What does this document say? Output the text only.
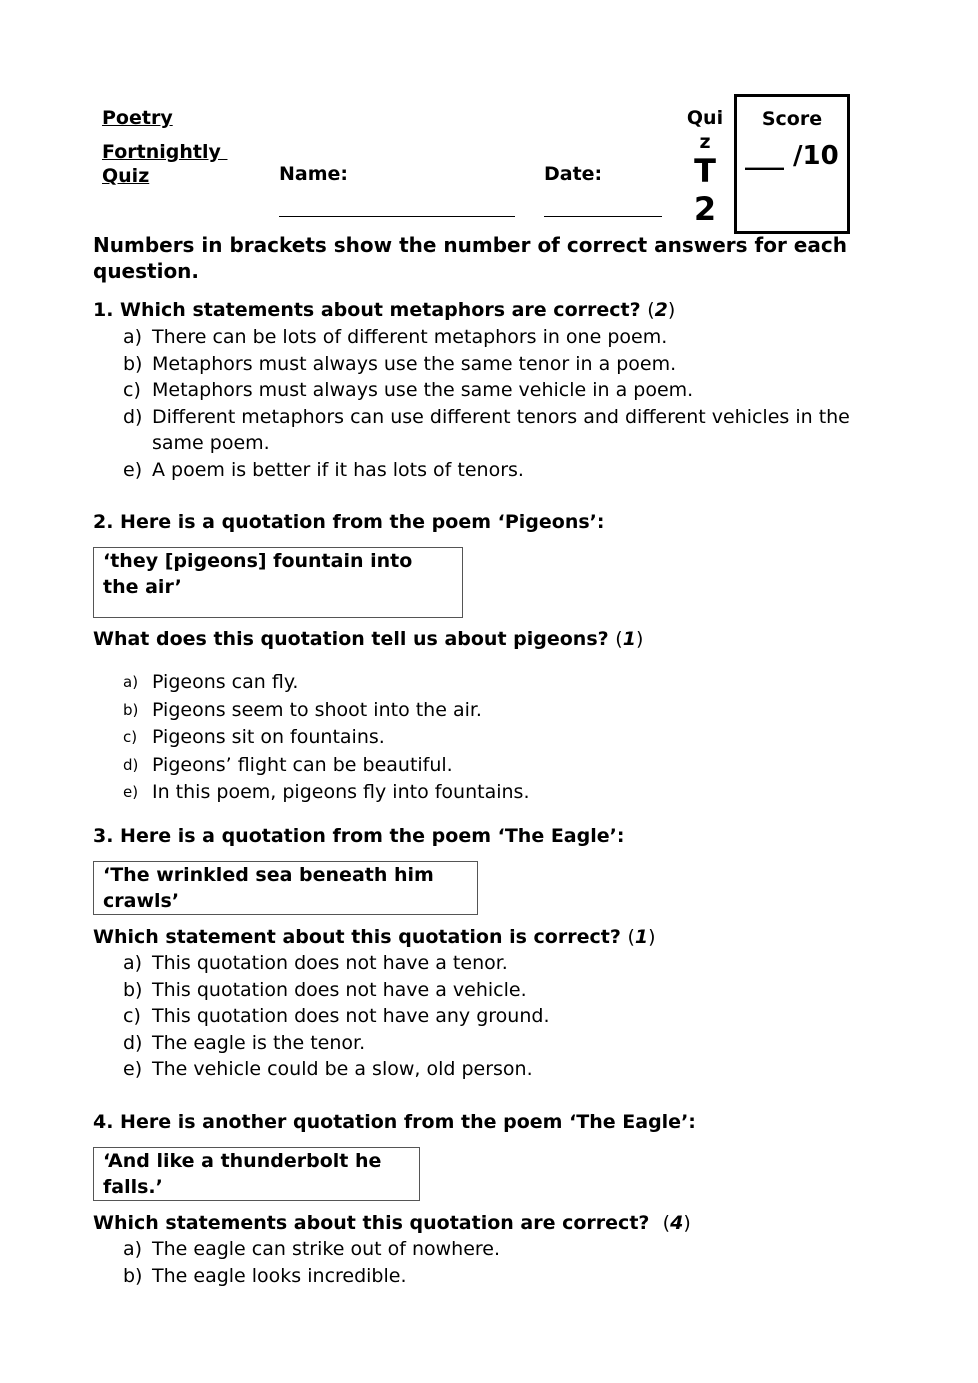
Poetry
Fortnightly
Quiz	Name:	Date:
Qui
z
T
2
Score
___ /10
Numbers in brackets show the number of correct answers for each question.
1. Which statements about metaphors are correct? (2)
a) There can be lots of different metaphors in one poem.
b) Metaphors must always use the same tenor in a poem.
c) Metaphors must always use the same vehicle in a poem.
d) Different metaphors can use different tenors and different vehicles in the same poem.
e) A poem is better if it has lots of tenors.
2. Here is a quotation from the poem ‘Pigeons’:
‘they [pigeons] fountain into the air’
What does this quotation tell us about pigeons? (1)
a) Pigeons can fly.
b) Pigeons seem to shoot into the air.
c) Pigeons sit on fountains.
d) Pigeons’ flight can be beautiful.
e) In this poem, pigeons fly into fountains.
3. Here is a quotation from the poem ‘The Eagle’:
‘The wrinkled sea beneath him crawls’
Which statement about this quotation is correct? (1)
a) This quotation does not have a tenor.
b) This quotation does not have a vehicle.
c) This quotation does not have any ground.
d) The eagle is the tenor.
e) The vehicle could be a slow, old person.
4. Here is another quotation from the poem ‘The Eagle’:
‘And like a thunderbolt he falls.’
Which statements about this quotation are correct? (4)
a) The eagle can strike out of nowhere.
b) The eagle looks incredible.
